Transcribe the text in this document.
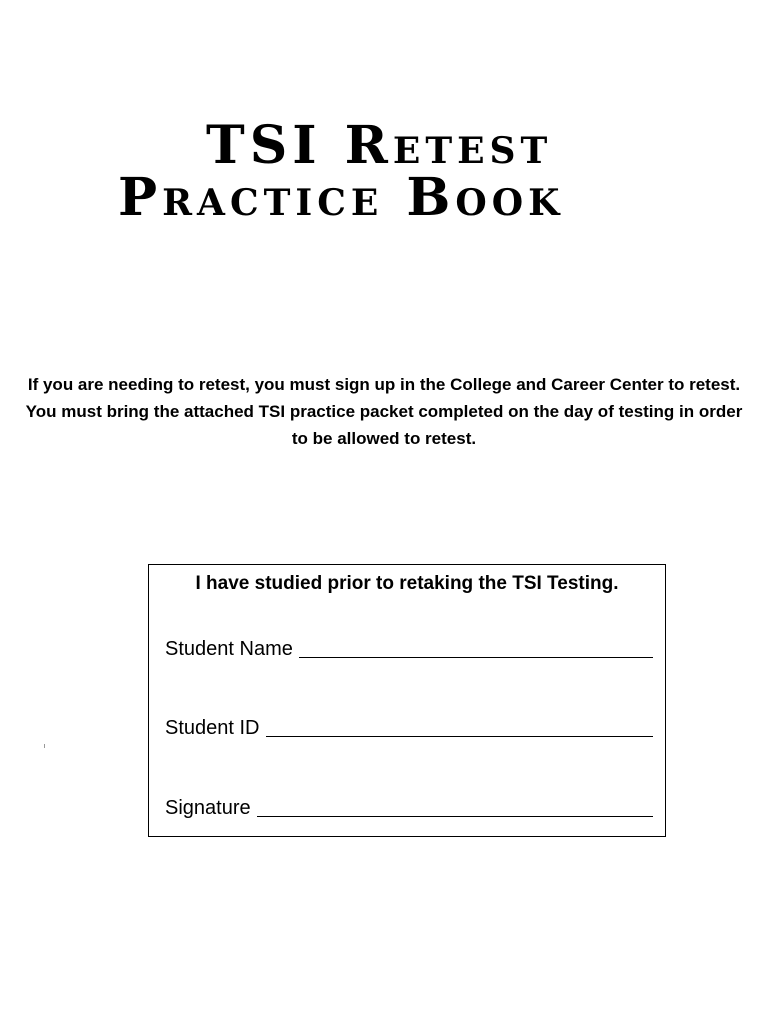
TSI Retest
Practice Book
If you are needing to retest, you must sign up in the College and Career Center to retest. You must bring the attached TSI practice packet completed on the day of testing in order to be allowed to retest.
I have studied prior to retaking the TSI Testing.
Student Name
Student ID
Signature
